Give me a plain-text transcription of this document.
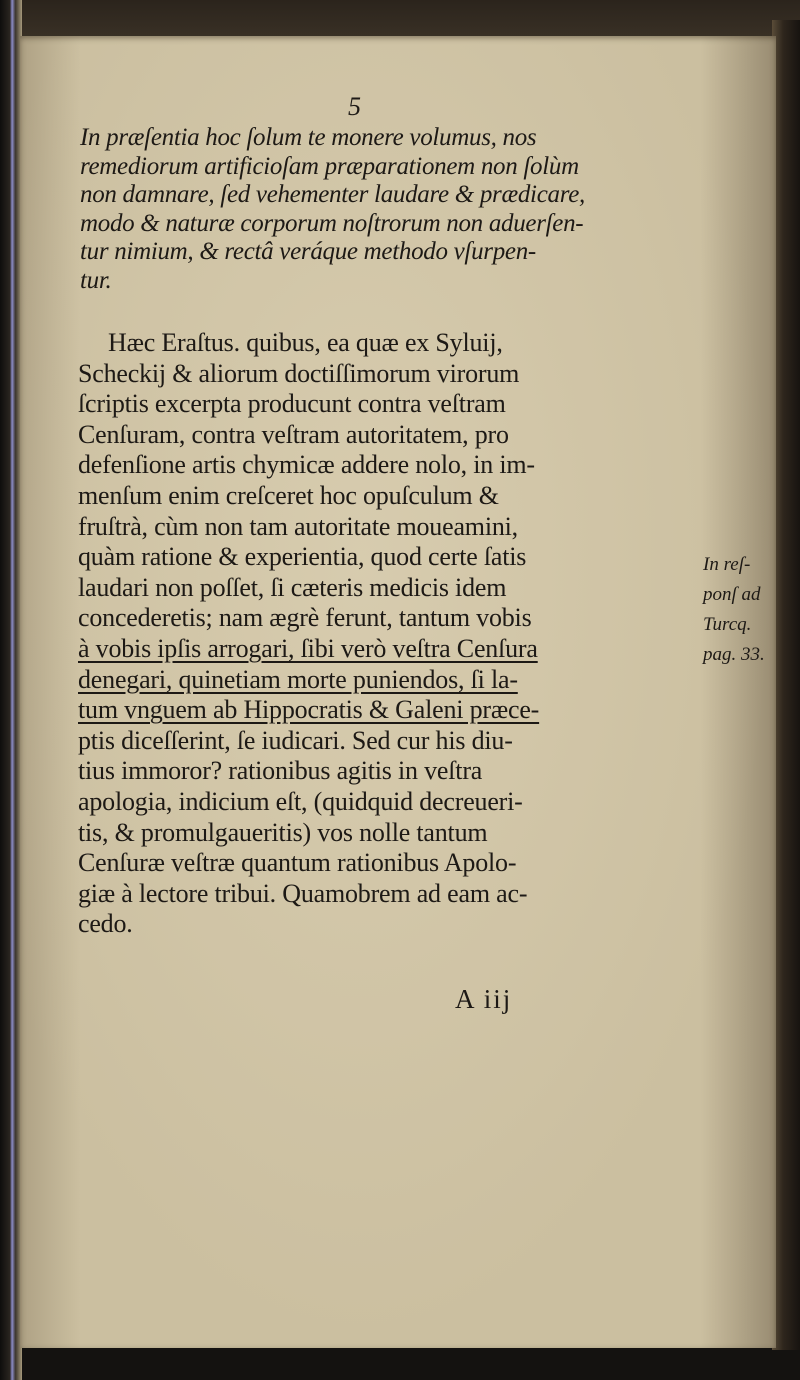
5
In præſentia hoc ſolum te monere volumus, nos
remediorum artificioſam præparationem non ſolùm
non damnare, ſed vehementer laudare & prædicare,
modo & naturæ corporum noſtrorum non aduerſen-
tur nimium, & rectâ veráque methodo vſurpen-
tur.
Hæc Eraſtus. quibus, ea quæ ex Syluij,
Scheckij & aliorum doctiſſimorum virorum
ſcriptis excerpta producunt contra veſtram
Cenſuram, contra veſtram autoritatem, pro
defenſione artis chymicæ addere nolo, in im-
menſum enim creſceret hoc opuſculum &
fruſtrà, cùm non tam autoritate moueamini,
quàm ratione & experientia, quod certe ſatis
laudari non poſſet, ſi cæteris medicis idem
concederetis; nam ægrè ferunt, tantum vobis
à vobis ipſis arrogari, ſibi verò veſtra Cenſura
denegari, quinetiam morte puniendos, ſi la-
tum vnguem ab Hippocratis & Galeni præce-
ptis diceſſerint, ſe iudicari. Sed cur his diu-
tius immoror? rationibus agitis in veſtra
apologia, indicium eſt, (quidquid decreueri-
tis, & promulgaueritis) vos nolle tantum
Cenſuræ veſtræ quantum rationibus Apolo-
giæ à lectore tribui. Quamobrem ad eam ac-
cedo.
In reſ-
ponſ ad
Turcq.
pag. 33.
A iij
